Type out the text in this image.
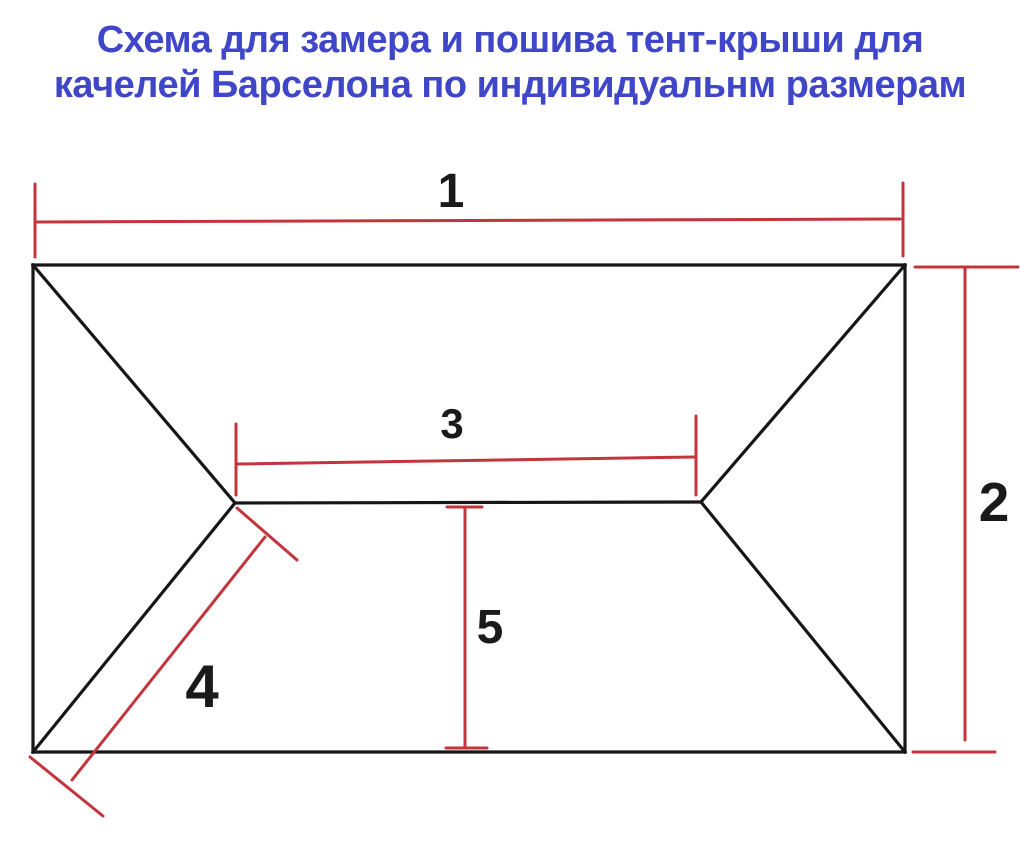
Схема для замера и пошива тент-крыши для
качелей Барселона по индивидуальнм размерам
1
2
3
4
5
